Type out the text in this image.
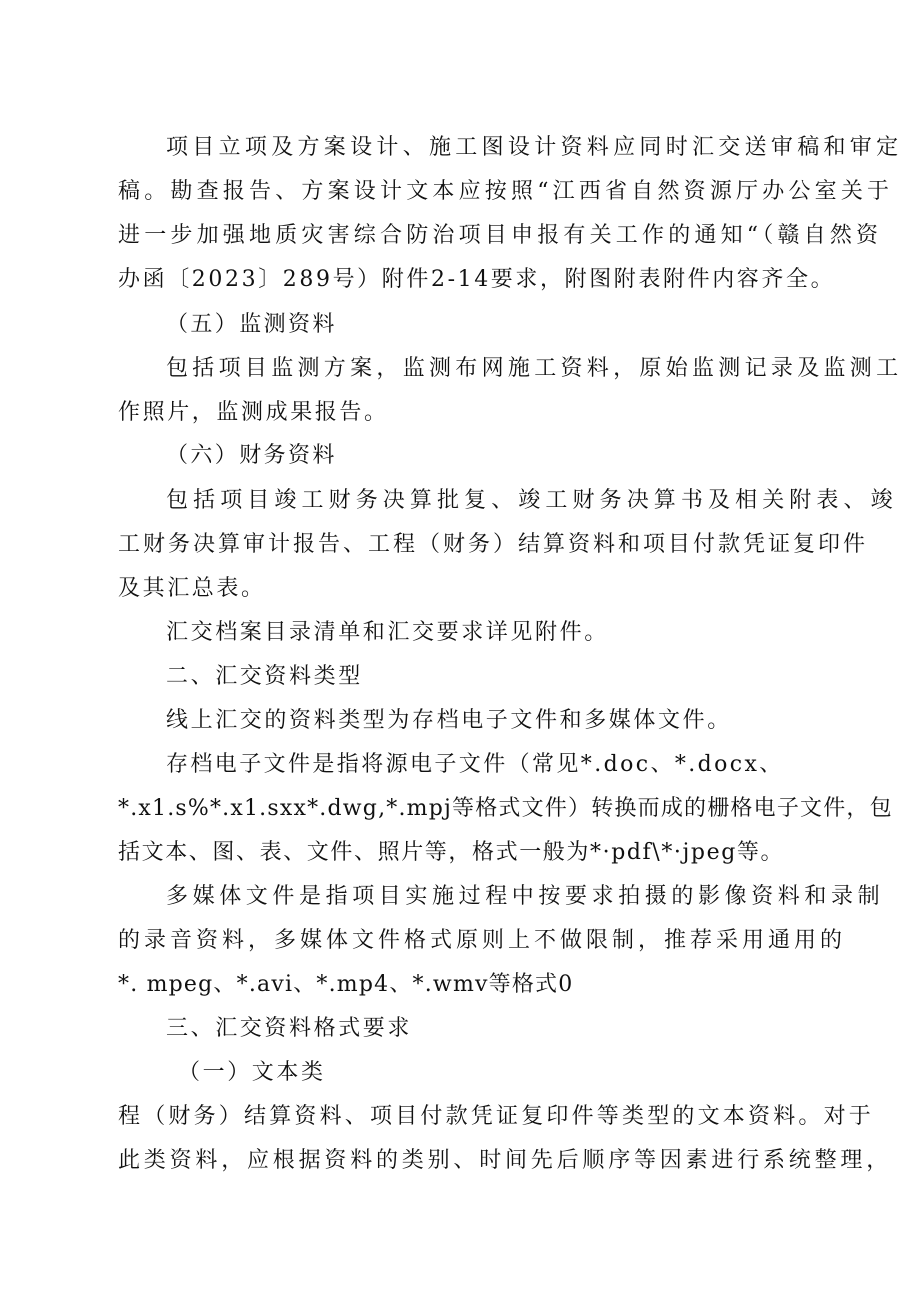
项目立项及方案设计、施工图设计资料应同时汇交送审稿和审定
稿。勘查报告、方案设计文本应按照“江西省自然资源厅办公室关于
进一步加强地质灾害综合防治项目申报有关工作的通知“（赣自然资
办函〔2023〕289号）附件2-14要求，附图附表附件内容齐全。
（五）监测资料
包括项目监测方案，监测布网施工资料，原始监测记录及监测工
作照片，监测成果报告。
（六）财务资料
包括项目竣工财务决算批复、竣工财务决算书及相关附表、竣
工财务决算审计报告、工程（财务）结算资料和项目付款凭证复印件
及其汇总表。
汇交档案目录清单和汇交要求详见附件。
二、汇交资料类型
线上汇交的资料类型为存档电子文件和多媒体文件。
存档电子文件是指将源电子文件（常见*.doc、*.docx、
*.x1.s%*.x1.sxx*.dwg,*.mpj等格式文件）转换而成的栅格电子文件，包
括文本、图、表、文件、照片等，格式一般为*·pdf\*·jpeg等。
多媒体文件是指项目实施过程中按要求拍摄的影像资料和录制
的录音资料，多媒体文件格式原则上不做限制，推荐采用通用的
*. mpeg、*.avi、*.mp4、*.wmv等格式0
三、汇交资料格式要求
（一）文本类
程（财务）结算资料、项目付款凭证复印件等类型的文本资料。对于
此类资料，应根据资料的类别、时间先后顺序等因素进行系统整理，
